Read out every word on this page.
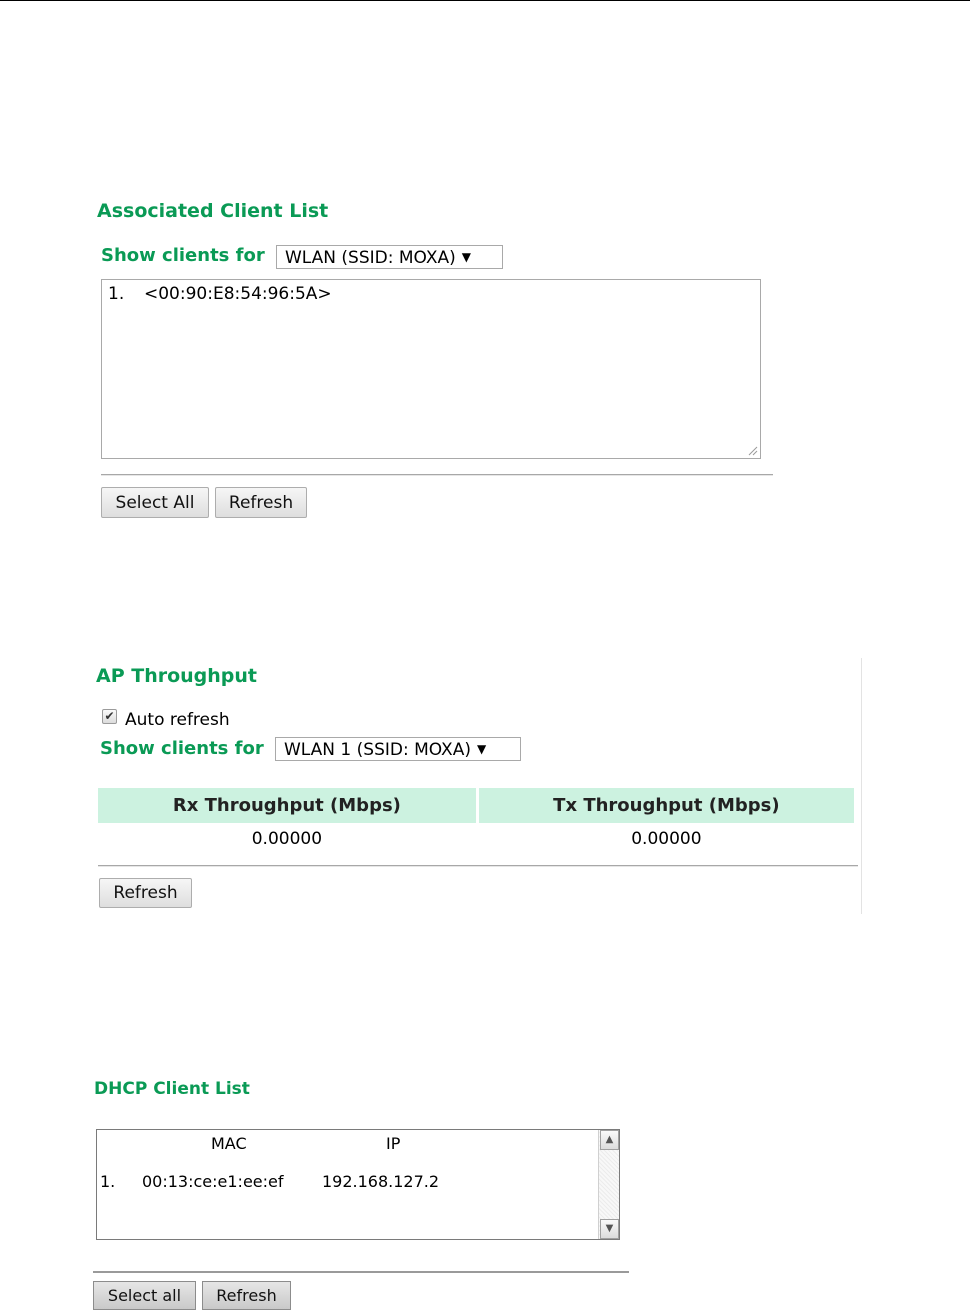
Associated Client List
Show clients for	WLAN (SSID: MOXA) ▼
1. <00:90:E8:54:96:5A>
Select All	Refresh
AP Throughput
✔ Auto refresh
Show clients for	WLAN 1 (SSID: MOXA) ▼
Rx Throughput (Mbps)	Tx Throughput (Mbps)
0.00000	0.00000
Refresh
DHCP Client List
MAC	IP
1. 00:13:ce:e1:ee:ef 192.168.127.2
▲
▼
Select all	Refresh
